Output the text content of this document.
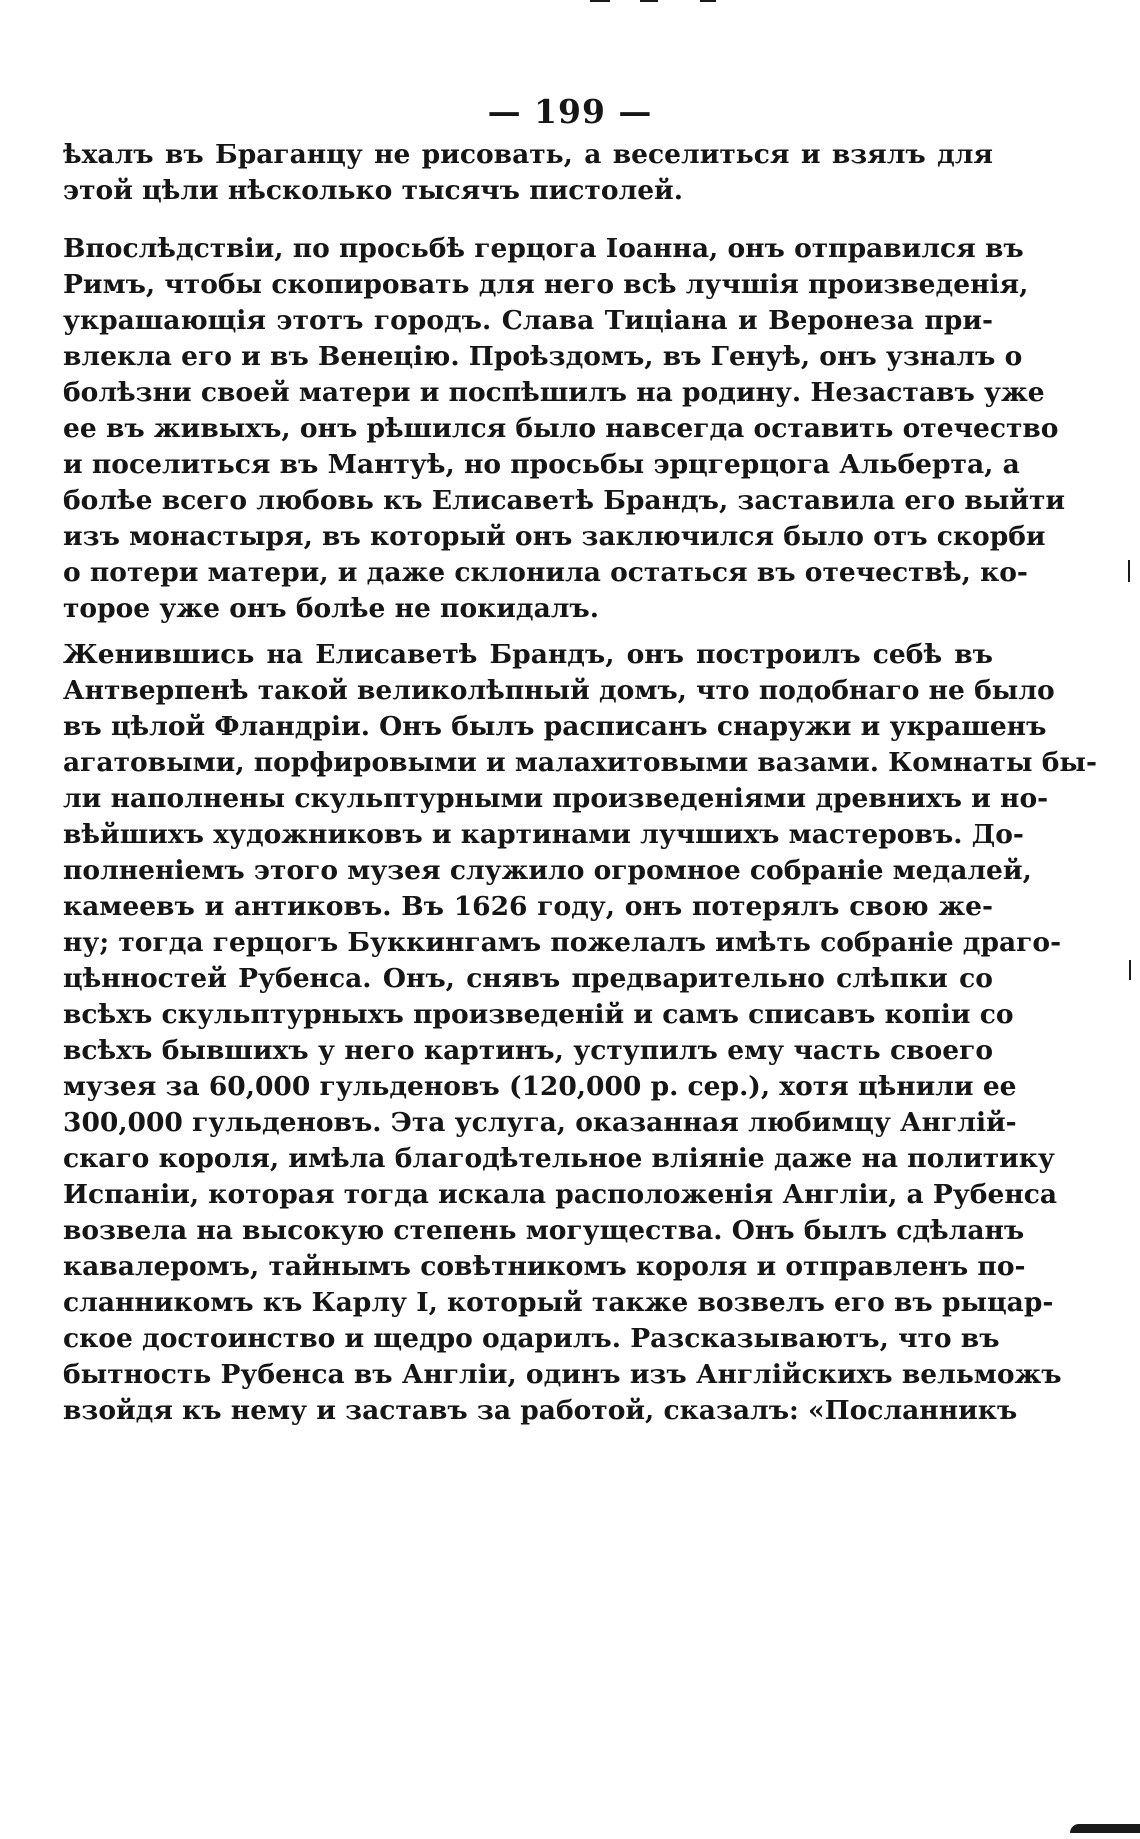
— 199 —
ѣхалъ въ Браганцу не рисовать, а веселиться и взялъ для
этой цѣли нѣсколько тысячъ пистолей.
Впослѣдствіи, по просьбѣ герцога Іоанна, онъ отправился въ
Римъ, чтобы скопировать для него всѣ лучшія произведенія,
украшающія этотъ городъ. Слава Тиціана и Веронеза при-
влекла его и въ Венецію. Проѣздомъ, въ Генуѣ, онъ узналъ о
болѣзни своей матери и поспѣшилъ на родину. Незаставъ уже
ее въ живыхъ, онъ рѣшился было навсегда оставить отечество
и поселиться въ Мантуѣ, но просьбы эрцгерцога Альберта, а
болѣе всего любовь къ Елисаветѣ Брандъ, заставила его выйти
изъ монастыря, въ который онъ заключился было отъ скорби
о потери матери, и даже склонила остаться въ отечествѣ, ко-
торое уже онъ болѣе не покидалъ.
Женившись на Елисаветѣ Брандъ, онъ построилъ себѣ въ
Антверпенѣ такой великолѣпный домъ, что подобнаго не было
въ цѣлой Фландріи. Онъ былъ расписанъ снаружи и украшенъ
агатовыми, порфировыми и малахитовыми вазами. Комнаты бы-
ли наполнены скульптурными произведеніями древнихъ и но-
вѣйшихъ художниковъ и картинами лучшихъ мастеровъ. До-
полненіемъ этого музея служило огромное собраніе медалей,
камеевъ и антиковъ. Въ 1626 году, онъ потерялъ свою же-
ну; тогда герцогъ Буккингамъ пожелалъ имѣть собраніе драго-
цѣнностей Рубенса. Онъ, снявъ предварительно слѣпки со
всѣхъ скульптурныхъ произведеній и самъ списавъ копіи со
всѣхъ бывшихъ у него картинъ, уступилъ ему часть своего
музея за 60,000 гульденовъ (120,000 р. сер.), хотя цѣнили ее
300,000 гульденовъ. Эта услуга, оказанная любимцу Англій-
скаго короля, имѣла благодѣтельное вліяніе даже на политику
Испаніи, которая тогда искала расположенія Англіи, а Рубенса
возвела на высокую степень могущества. Онъ былъ сдѣланъ
кавалеромъ, тайнымъ совѣтникомъ короля и отправленъ по-
сланникомъ къ Карлу І, который также возвелъ его въ рыцар-
ское достоинство и щедро одарилъ. Разсказываютъ, что въ
бытность Рубенса въ Англіи, одинъ изъ Англійскихъ вельможъ
взойдя къ нему и заставъ за работой, сказалъ: «Посланникъ
